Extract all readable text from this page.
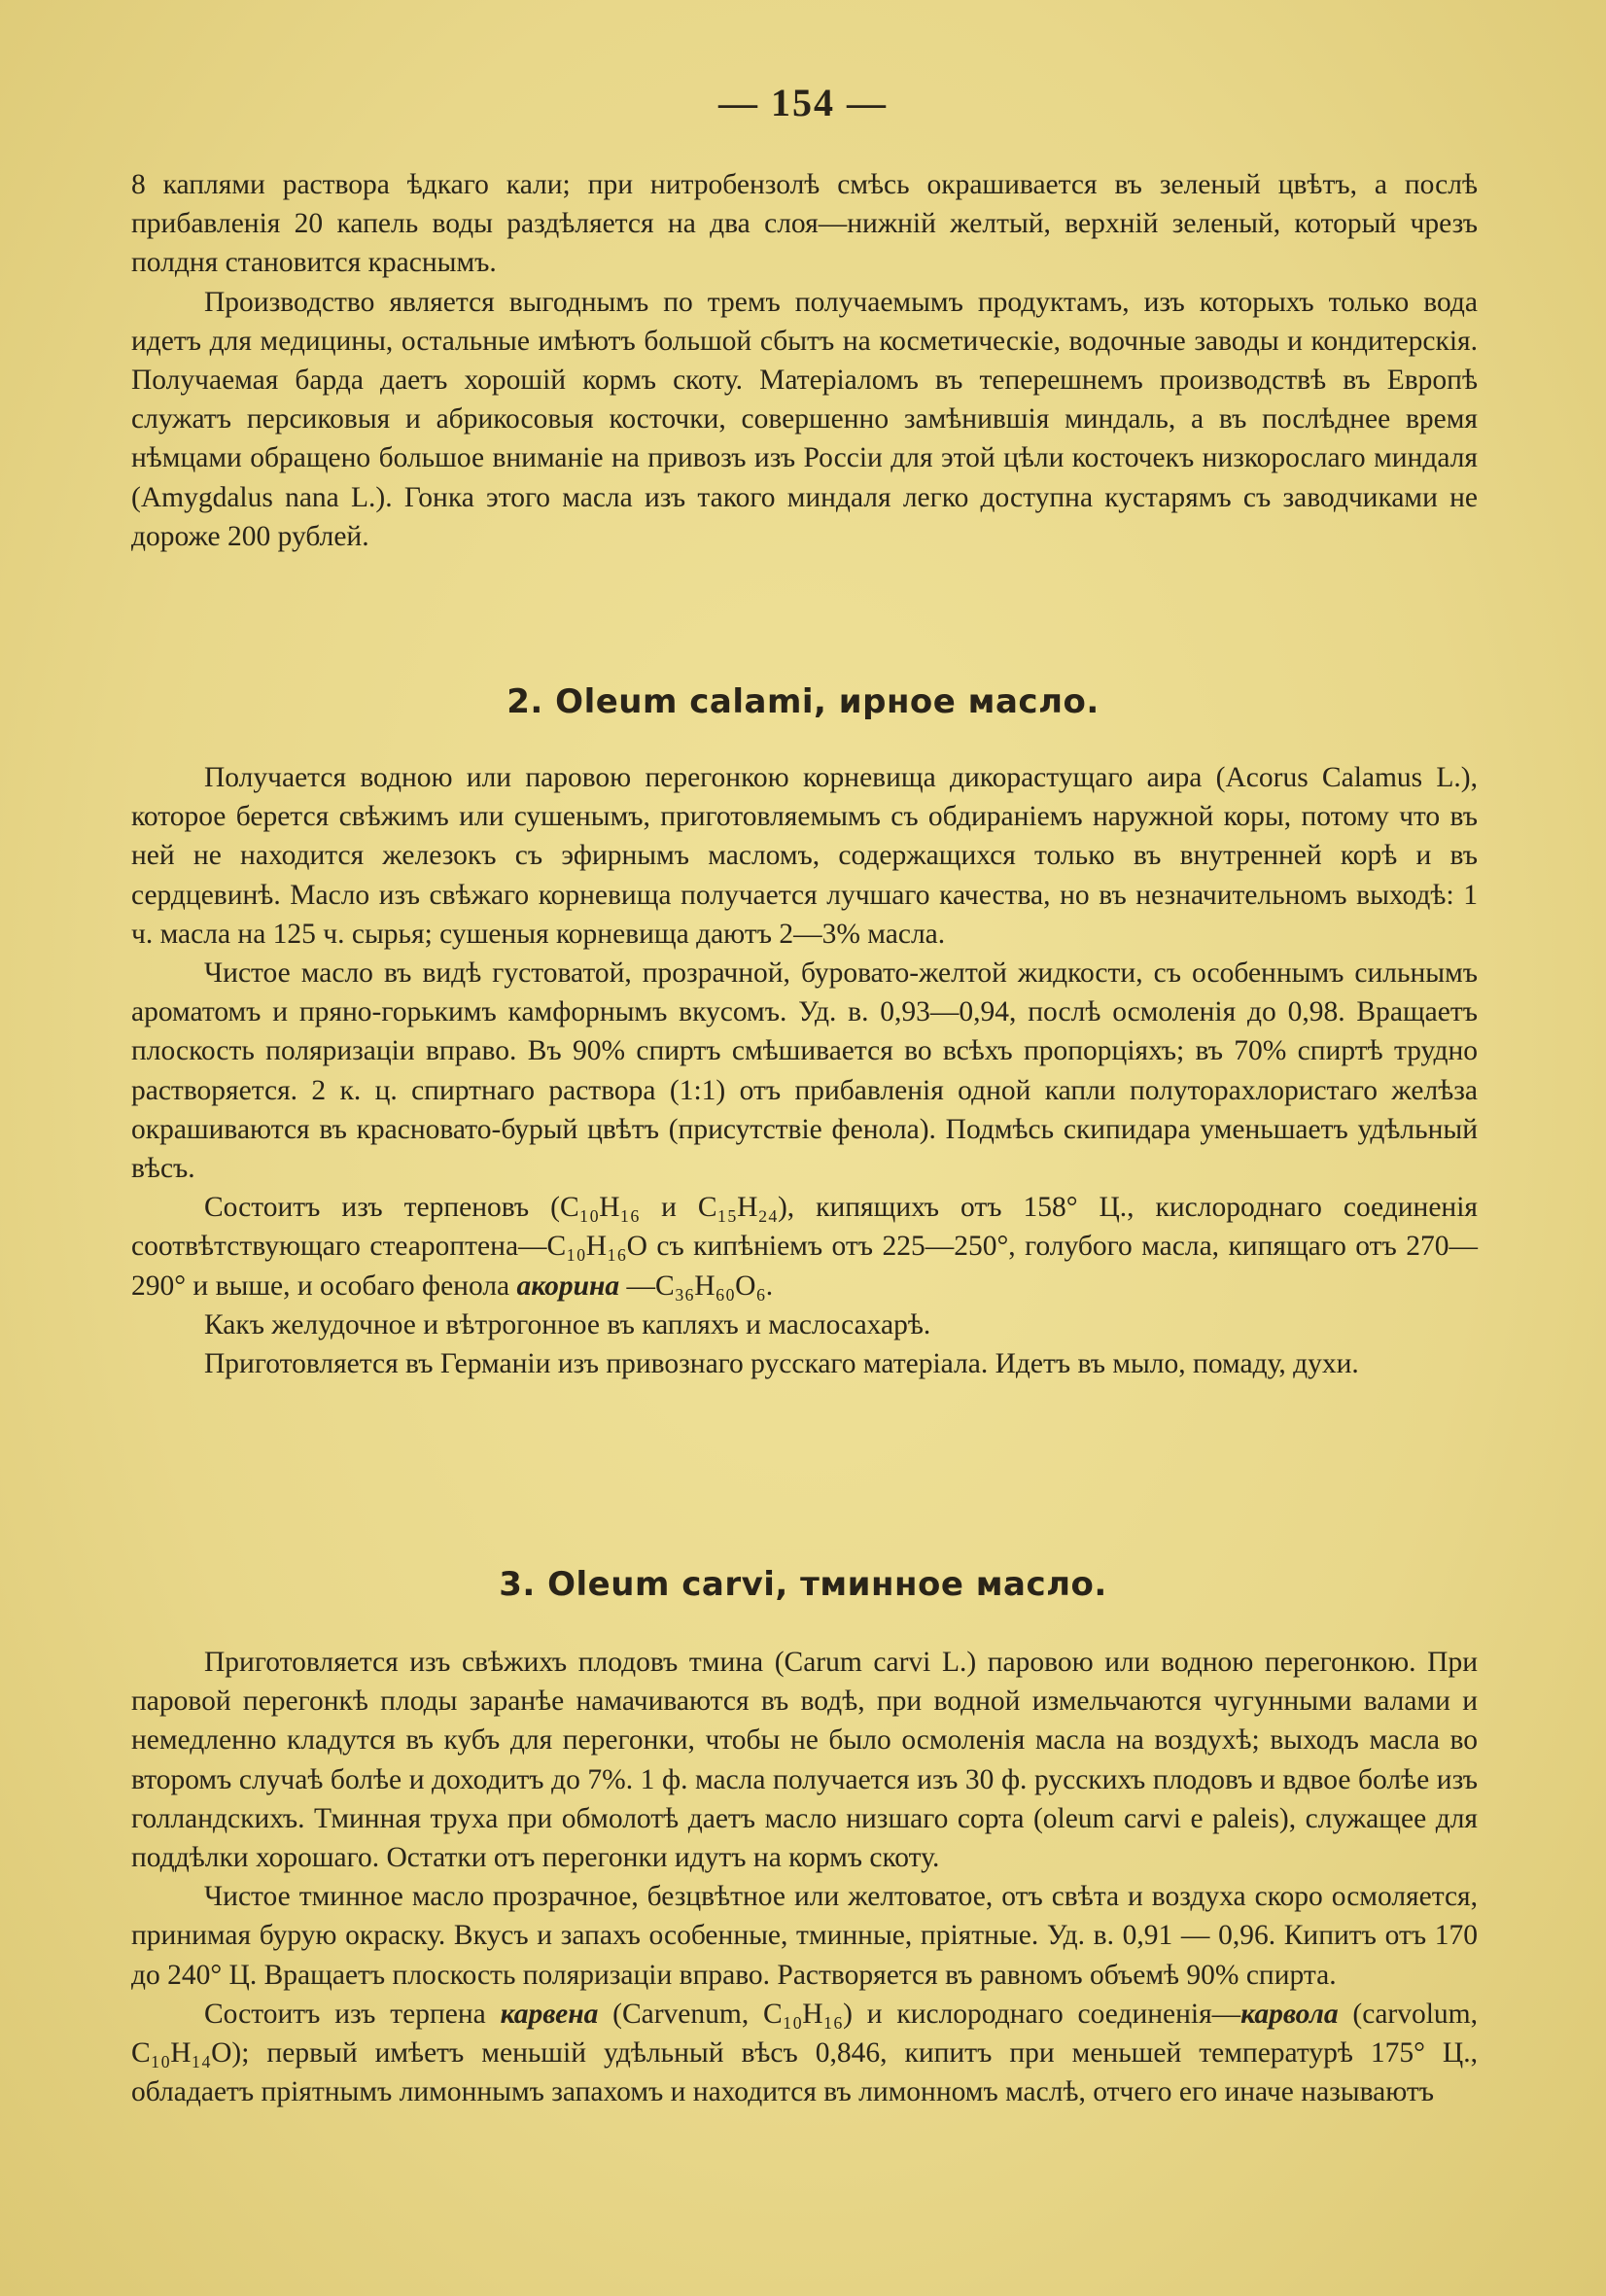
— 154 —

8 каплями раствора ѣдкаго кали; при нитробензолѣ смѣсь окрашивается въ зеленый цвѣтъ, а послѣ прибавленія 20 капель воды раздѣляется на два слоя—нижній желтый, верхній зеленый, который чрезъ полдня становится краснымъ.

Производство является выгоднымъ по тремъ получаемымъ продуктамъ, изъ которыхъ только вода идетъ для медицины, остальные имѣютъ большой сбытъ на косметическіе, водочные заводы и кондитерскія. Получаемая барда даетъ хорошій кормъ скоту. Матеріаломъ въ теперешнемъ производствѣ въ Европѣ служатъ персиковыя и абрикосовыя косточки, совершенно замѣнившія миндаль, а въ послѣднее время нѣмцами обращено большое вниманіе на привозъ изъ Россіи для этой цѣли косточекъ низкорослаго миндаля (Amygdalus nana L.). Гонка этого масла изъ такого миндаля легко доступна кустарямъ съ заводчиками не дороже 200 рублей.

2. Oleum calami, ирное масло.

Получается водною или паровою перегонкою корневища дикорастущаго аира (Acorus Calamus L.), которое берется свѣжимъ или сушенымъ, приготовляемымъ съ обдираніемъ наружной коры, потому что въ ней не находится железокъ съ эфирнымъ масломъ, содержащихся только въ внутренней корѣ и въ сердцевинѣ. Масло изъ свѣжаго корневища получается лучшаго качества, но въ незначительномъ выходѣ: 1 ч. масла на 125 ч. сырья; сушеныя корневища даютъ 2—3% масла.

Чистое масло въ видѣ густоватой, прозрачной, буровато-желтой жидкости, съ особеннымъ сильнымъ ароматомъ и пряно-горькимъ камфорнымъ вкусомъ. Уд. в. 0,93—0,94, послѣ осмоленія до 0,98. Вращаетъ плоскость поляризаціи вправо. Въ 90% спиртъ смѣшивается во всѣхъ пропорціяхъ; въ 70% спиртѣ трудно растворяется. 2 к. ц. спиртнаго раствора (1:1) отъ прибавленія одной капли полуторахлористаго желѣза окрашиваются въ красновато-бурый цвѣтъ (присутствіе фенола). Подмѣсь скипидара уменьшаетъ удѣльный вѣсъ.

Состоитъ изъ терпеновъ (C₁₀H₁₆ и C₁₅H₂₄), кипящихъ отъ 158° Ц., кислороднаго соединенія соотвѣтствующаго стеароптена—C₁₀H₁₆O съ кипѣніемъ отъ 225—250°, голубого масла, кипящаго отъ 270—290° и выше, и особаго фенола акорина —C₃₆H₆₀O₆.

Какъ желудочное и вѣтрогонное въ капляхъ и маслосахарѣ.

Приготовляется въ Германіи изъ привознаго русскаго матеріала. Идетъ въ мыло, помаду, духи.

3. Oleum carvi, тминное масло.

Приготовляется изъ свѣжихъ плодовъ тмина (Carum carvi L.) паровою или водною перегонкою. При паровой перегонкѣ плоды заранѣе намачиваются въ водѣ, при водной измельчаются чугунными валами и немедленно кладутся въ кубъ для перегонки, чтобы не было осмоленія масла на воздухѣ; выходъ масла во второмъ случаѣ болѣе и доходитъ до 7%. 1 ф. масла получается изъ 30 ф. русскихъ плодовъ и вдвое болѣе изъ голландскихъ. Тминная труха при обмолотѣ даетъ масло низшаго сорта (oleum carvi e paleis), служащее для поддѣлки хорошаго. Остатки отъ перегонки идутъ на кормъ скоту.

Чистое тминное масло прозрачное, безцвѣтное или желтоватое, отъ свѣта и воздуха скоро осмоляется, принимая бурую окраску. Вкусъ и запахъ особенные, тминные, пріятные. Уд. в. 0,91 — 0,96. Кипитъ отъ 170 до 240° Ц. Вращаетъ плоскость поляризаціи вправо. Растворяется въ равномъ объемѣ 90% спирта.

Состоитъ изъ терпена карвена (Carvenum, C₁₀H₁₆) и кислороднаго соединенія—карвола (carvolum, C₁₀H₁₄O); первый имѣетъ меньшій удѣльный вѣсъ 0,846, кипитъ при меньшей температурѣ 175° Ц., обладаетъ пріятнымъ лимоннымъ запахомъ и находится въ лимонномъ маслѣ, отчего его иначе называютъ
